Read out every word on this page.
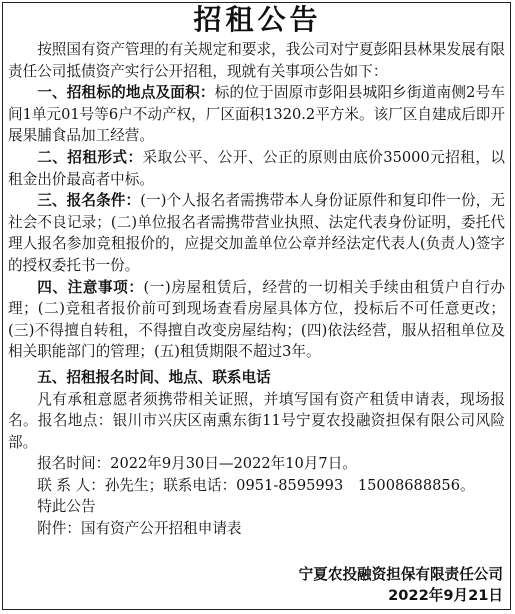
招租公告

按照国有资产管理的有关规定和要求，我公司对宁夏彭阳县林果发展有限责任公司抵债资产实行公开招租，现就有关事项公告如下：

一、招租标的地点及面积：标的位于固原市彭阳县城阳乡街道南侧2号车间1单元01号等6户不动产权，厂区面积1320.2平方米。该厂区自建成后即开展果脯食品加工经营。

二、招租形式：采取公平、公开、公正的原则由底价35000元招租，以租金出价最高者中标。

三、报名条件：(一)个人报名者需携带本人身份证原件和复印件一份，无社会不良记录；(二)单位报名者需携带营业执照、法定代表身份证明，委托代理人报名参加竞租报价的，应提交加盖单位公章并经法定代表人(负责人)签字的授权委托书一份。

四、注意事项：(一)房屋租赁后，经营的一切相关手续由租赁户自行办理；(二)竞租者报价前可到现场查看房屋具体方位，投标后不可任意更改；(三)不得擅自转租，不得擅自改变房屋结构；(四)依法经营，服从招租单位及相关职能部门的管理；(五)租赁期限不超过3年。

五、招租报名时间、地点、联系电话

凡有承租意愿者须携带相关证照，并填写国有资产租赁申请表，现场报名。报名地点：银川市兴庆区南熏东街11号宁夏农投融资担保有限公司风险部。

报名时间：2022年9月30日—2022年10月7日。

联 系 人：孙先生；联系电话：0951-8595993　15008688856。

特此公告

附件：国有资产公开招租申请表

宁夏农投融资担保有限责任公司
2022年9月21日
